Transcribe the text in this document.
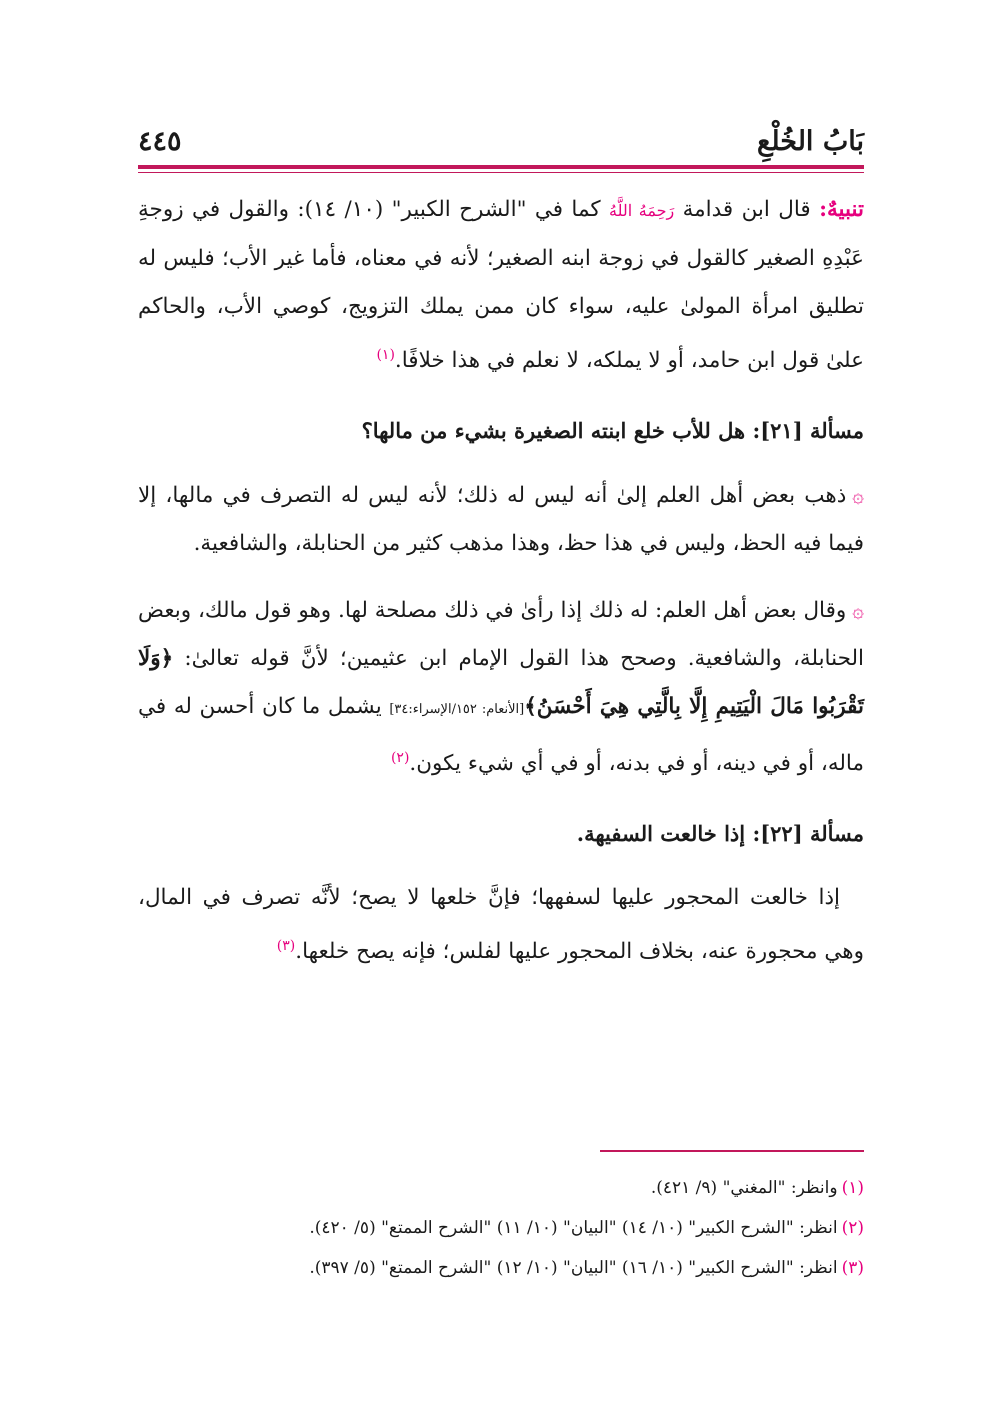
بَابُ الخُلْعِ
٤٤٥

تنبيهٌ: قال ابن قدامة رَحِمَهُ اللَّهُ كما في "الشرح الكبير" (١٠/ ١٤): والقول في زوجةِ عَبْدِهِ الصغير كالقول في زوجة ابنه الصغير؛ لأنه في معناه، فأما غير الأب؛ فليس له تطليق امرأة المولىٰ عليه، سواء كان ممن يملك التزويج، كوصي الأب، والحاكم علىٰ قول ابن حامد، أو لا يملكه، لا نعلم في هذا خلافًا.$^{(١)}$

مسألة [٢١]: هل للأب خلع ابنته الصغيرة بشيء من مالها؟

۞ذهب بعض أهل العلم إلىٰ أنه ليس له ذلك؛ لأنه ليس له التصرف في مالها، إلا فيما فيه الحظ، وليس في هذا حظ، وهذا مذهب كثير من الحنابلة، والشافعية.

۞وقال بعض أهل العلم: له ذلك إذا رأىٰ في ذلك مصلحة لها. وهو قول مالك، وبعض الحنابلة، والشافعية. وصحح هذا القول الإمام ابن عثيمين؛ لأنَّ قوله تعالىٰ: ﴿وَلَا تَقْرَبُوا مَالَ الْيَتِيمِ إِلَّا بِالَّتِي هِيَ أَحْسَنُ﴾[الأنعام: ١٥٢/الإسراء:٣٤] يشمل ما كان أحسن له في ماله، أو في دينه، أو في بدنه، أو في أي شيء يكون.$^{(٢)}$

مسألة [٢٢]: إذا خالعت السفيهة.

إذا خالعت المحجور عليها لسفهها؛ فإنَّ خلعها لا يصح؛ لأنَّه تصرف في المال، وهي محجورة عنه، بخلاف المحجور عليها لفلس؛ فإنه يصح خلعها.$^{(٣)}$

(١)وانظر: "المغني" (٩/ ٤٢١).

(٢)انظر: "الشرح الكبير" (١٠/ ١٤) "البيان" (١٠/ ١١) "الشرح الممتع" (٥/ ٤٢٠).

(٣)انظر: "الشرح الكبير" (١٠/ ١٦) "البيان" (١٠/ ١٢) "الشرح الممتع" (٥/ ٣٩٧).
